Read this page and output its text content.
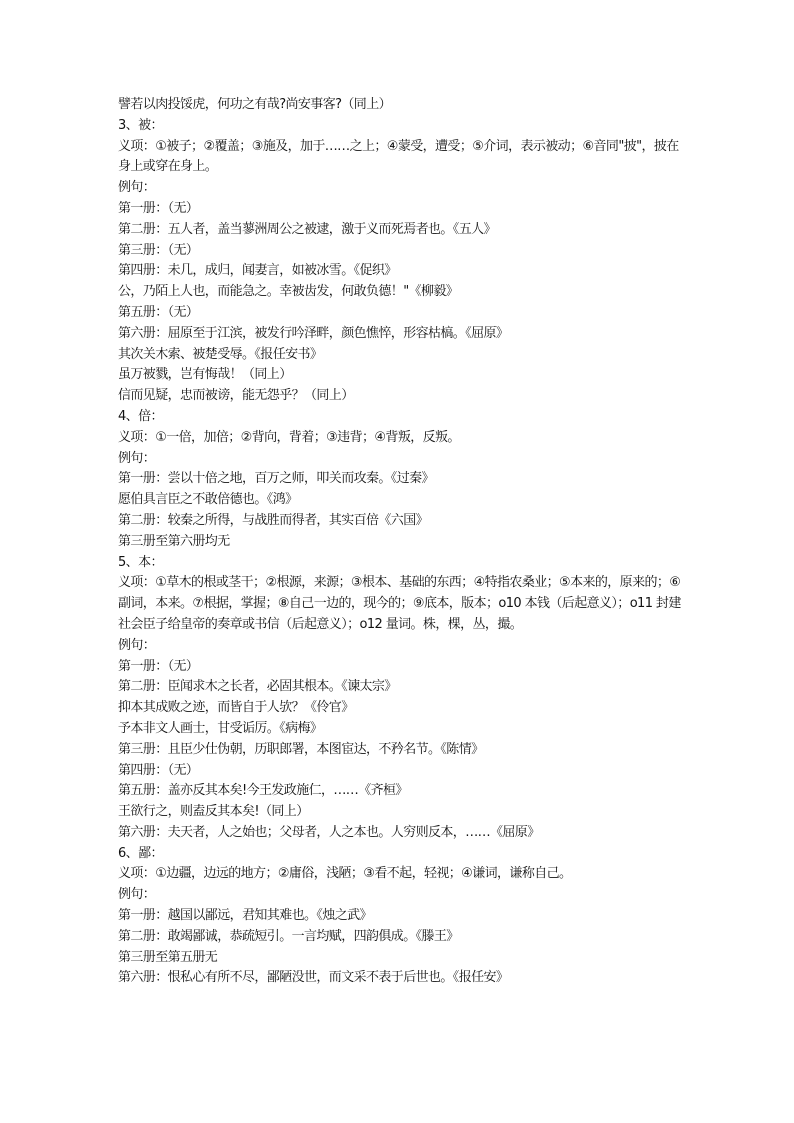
譬若以肉投馁虎，何功之有哉?尚安事客?（同上）
3、被：
义项：①被子；②覆盖；③施及，加于……之上；④蒙受，遭受；⑤介词，表示被动；⑥音同"披"，披在身上或穿在身上。
例句：
第一册：（无）
第二册：五人者，盖当蓼洲周公之被逮，激于义而死焉者也。《五人》
第三册：（无）
第四册：未几，成归，闻妻言，如被冰雪。《促织》
公，乃陌上人也，而能急之。幸被齿发，何敢负德！"《柳毅》
第五册：（无）
第六册：屈原至于江滨，被发行吟泽畔，颜色憔悴，形容枯槁。《屈原》
其次关木索、被楚受辱。《报任安书》
虽万被戮，岂有悔哉！（同上）
信而见疑，忠而被谤，能无怨乎？（同上）
4、倍：
义项：①一倍，加倍；②背向，背着；③违背；④背叛，反叛。
例句：
第一册：尝以十倍之地，百万之师，叩关而攻秦。《过秦》
愿伯具言臣之不敢倍德也。《鸿》
第二册：较秦之所得，与战胜而得者，其实百倍《六国》
第三册至第六册均无
5、本：
义项：①草木的根或茎干；②根源，来源；③根本、基础的东西；④特指农桑业；⑤本来的，原来的；⑥副词，本来。⑦根据，掌握；⑧自己一边的，现今的；⑨底本，版本；o10 本钱（后起意义）；o11 封建社会臣子给皇帝的奏章或书信（后起意义）；o12 量词。株，棵，丛，撮。
例句：
第一册：（无）
第二册：臣闻求木之长者，必固其根本。《谏太宗》
抑本其成败之迹，而皆自于人欤？《伶官》
予本非文人画士，甘受诟厉。《病梅》
第三册：且臣少仕伪朝，历职郎署，本图宦达，不矜名节。《陈情》
第四册：（无）
第五册：盖亦反其本矣!今王发政施仁，……《齐桓》
王欲行之，则盍反其本矣!（同上）
第六册：夫天者，人之始也；父母者，人之本也。人穷则反本，……《屈原》
6、鄙：
义项：①边疆，边远的地方；②庸俗，浅陋；③看不起，轻视；④谦词，谦称自己。
例句：
第一册：越国以鄙远，君知其难也。《烛之武》
第二册：敢竭鄙诚，恭疏短引。一言均赋，四韵俱成。《滕王》
第三册至第五册无
第六册：恨私心有所不尽，鄙陋没世，而文采不表于后世也。《报任安》
